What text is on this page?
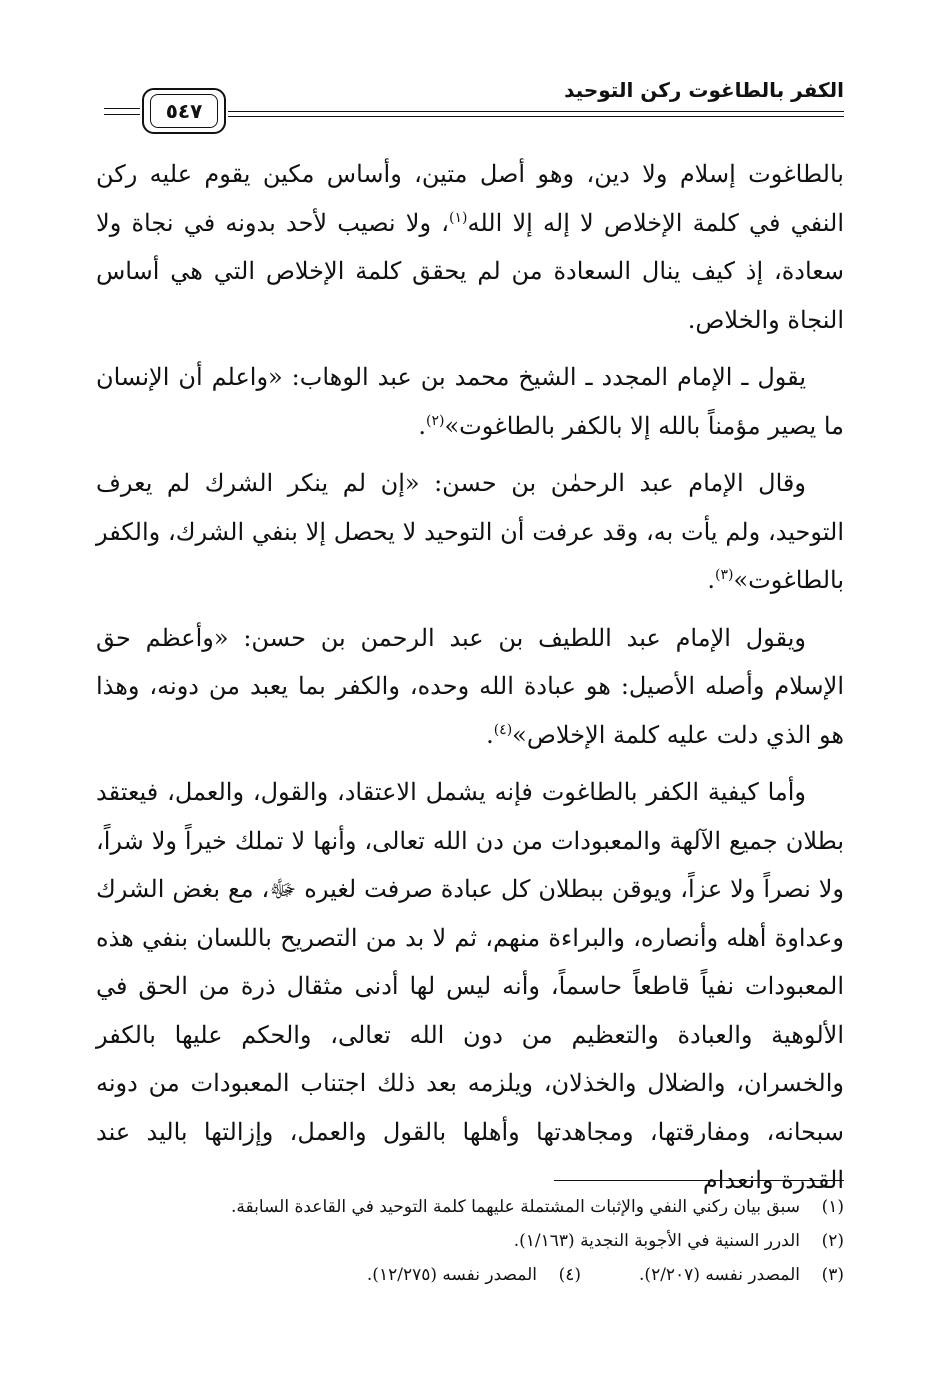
الكفر بالطاغوت ركن التوحيد
٥٤٧

بالطاغوت إسلام ولا دين، وهو أصل متين، وأساس مكين يقوم عليه ركن النفي في كلمة الإخلاص لا إله إلا الله$^{(١)}$، ولا نصيب لأحد بدونه في نجاة ولا سعادة، إذ كيف ينال السعادة من لم يحقق كلمة الإخلاص التي هي أساس النجاة والخلاص.

يقول ـ الإمام المجدد ـ الشيخ محمد بن عبد الوهاب: «واعلم أن الإنسان ما يصير مؤمناً بالله إلا بالكفر بالطاغوت»$^{(٢)}$.

وقال الإمام عبد الرحمٰن بن حسن: «إن لم ينكر الشرك لم يعرف التوحيد، ولم يأت به، وقد عرفت أن التوحيد لا يحصل إلا بنفي الشرك، والكفر بالطاغوت»$^{(٣)}$.

ويقول الإمام عبد اللطيف بن عبد الرحمن بن حسن: «وأعظم حق الإسلام وأصله الأصيل: هو عبادة الله وحده، والكفر بما يعبد من دونه، وهذا هو الذي دلت عليه كلمة الإخلاص»$^{(٤)}$.

وأما كيفية الكفر بالطاغوت فإنه يشمل الاعتقاد، والقول، والعمل، فيعتقد بطلان جميع الآلهة والمعبودات من دن الله تعالى، وأنها لا تملك خيراً ولا شراً، ولا نصراً ولا عزاً، ويوقن ببطلان كل عبادة صرفت لغيره ﷻ، مع بغض الشرك وعداوة أهله وأنصاره، والبراءة منهم، ثم لا بد من التصريح باللسان بنفي هذه المعبودات نفياً قاطعاً حاسماً، وأنه ليس لها أدنى مثقال ذرة من الحق في الألوهية والعبادة والتعظيم من دون الله تعالى، والحكم عليها بالكفر والخسران، والضلال والخذلان، ويلزمه بعد ذلك اجتناب المعبودات من دونه سبحانه، ومفارقتها، ومجاهدتها وأهلها بالقول والعمل، وإزالتها باليد عند القدرة وانعدام

(١)سبق بيان ركني النفي والإثبات المشتملة عليهما كلمة التوحيد في القاعدة السابقة.
(٢)الدرر السنية في الأجوبة النجدية (١/١٦٣).
(٣)المصدر نفسه (٢/٢٠٧).(٤)المصدر نفسه (١٢/٢٧٥).
